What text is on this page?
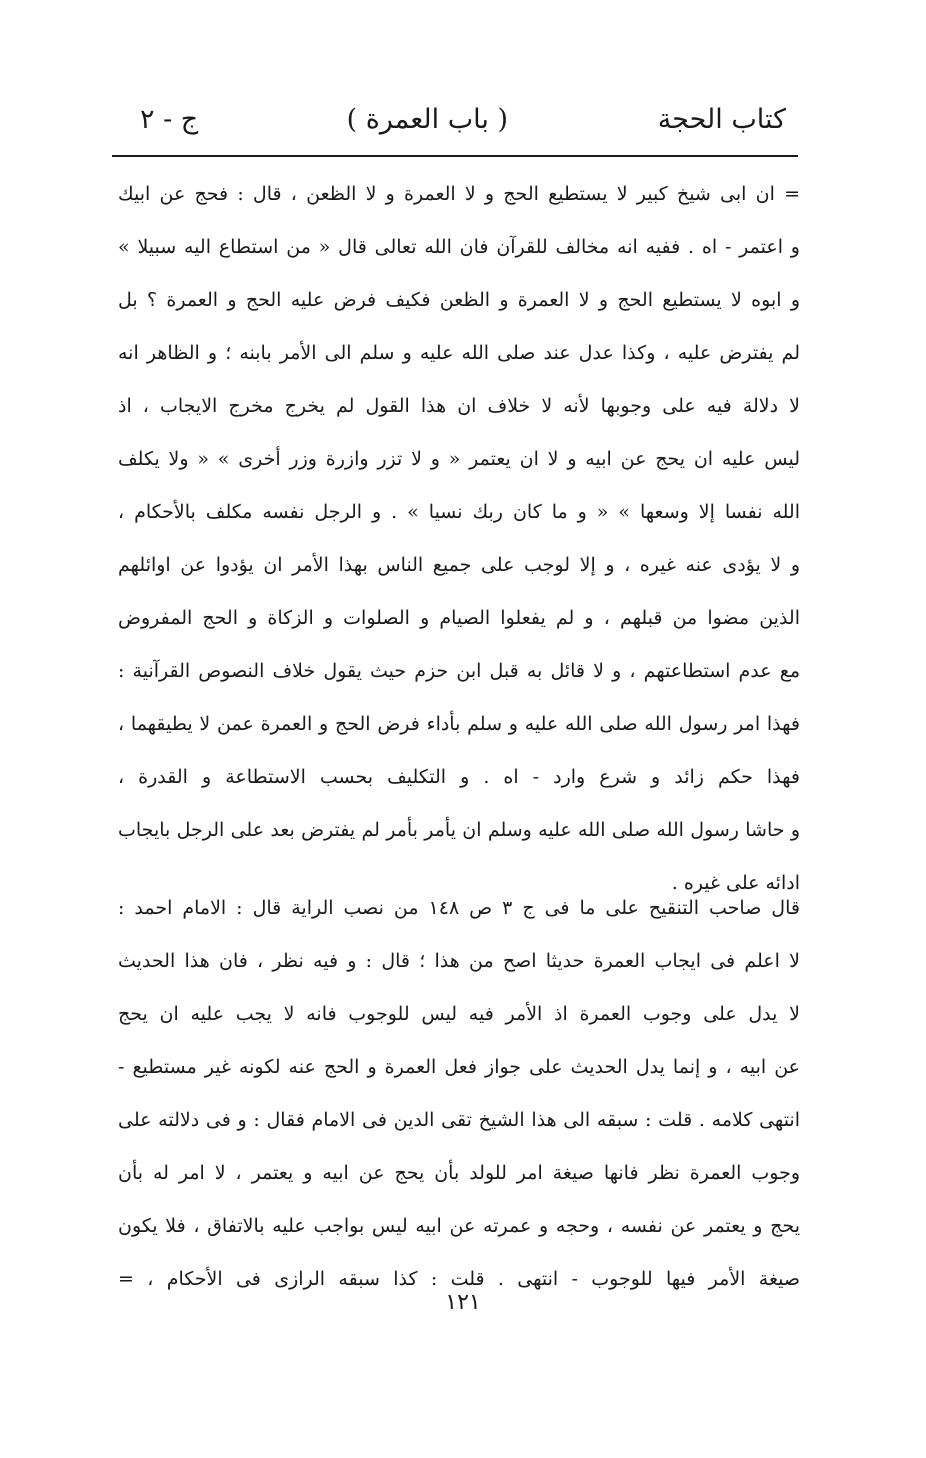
كتاب الحجة
( باب العمرة )
ج - ٢
= ان ابی شیخ کبیر لا یستطیع الحج و لا العمرة و لا الظعن ، قال : فحج عن ابیك
و اعتمر - اه . ففیه انه مخالف للقرآن فان الله تعالی قال « من استطاع الیه سبیلا »
و ابوه لا یستطیع الحج و لا العمرة و الظعن فکیف فرض علیه الحج و العمرة ؟ بل
لم یفترض علیه ، وکذا عدل عند صلی الله علیه و سلم الی الأمر بابنه ؛ و الظاهر انه
لا دلالة فیه علی وجوبها لأنه لا خلاف ان هذا القول لم یخرج مخرج الایجاب ، اذ
لیس علیه ان یحج عن ابیه و لا ان یعتمر « و لا تزر وازرة وزر أخری » « ولا یکلف
الله نفسا إلا وسعها » « و ما کان ربك نسیا » . و الرجل نفسه مکلف بالأحکام ،
و لا یؤدی عنه غیره ، و إلا لوجب علی جمیع الناس بهذا الأمر ان یؤدوا عن اوائلهم
الذین مضوا من قبلهم ، و لم یفعلوا الصیام و الصلوات و الزکاة و الحج المفروض
مع عدم استطاعتهم ، و لا قائل به قبل ابن حزم حیث یقول خلاف النصوص القرآنیة :
فهذا امر رسول الله صلی الله علیه و سلم بأداء فرض الحج و العمرة عمن لا یطیقهما ،
فهذا حکم زائد و شرع وارد - اه . و التکلیف بحسب الاستطاعة و القدرة ،
و حاشا رسول الله صلی الله علیه وسلم ان یأمر بأمر لم یفترض بعد علی الرجل بایجاب
ادائه علی غیره .
قال صاحب التنقیح علی ما فی ج ٣ ص ١٤٨ من نصب الرایة قال : الامام احمد :
لا اعلم فی ایجاب العمرة حدیثا اصح من هذا ؛ قال : و فیه نظر ، فان هذا الحدیث
لا یدل علی وجوب العمرة اذ الأمر فیه لیس للوجوب فانه لا یجب علیه ان یحج
عن ابیه ، و إنما یدل الحدیث علی جواز فعل العمرة و الحج عنه لکونه غیر مستطیع -
انتهی کلامه . قلت : سبقه الی هذا الشیخ تقی الدین فی الامام فقال : و فی دلالته علی
وجوب العمرة نظر فانها صیغة امر للولد بأن یحج عن ابیه و یعتمر ، لا امر له بأن
یحج و یعتمر عن نفسه ، وحجه و عمرته عن ابیه لیس بواجب علیه بالاتفاق ، فلا یکون
صیغة الأمر فیها للوجوب - انتهی . قلت : کذا سبقه الرازی فی الأحکام ، =
١٢١
